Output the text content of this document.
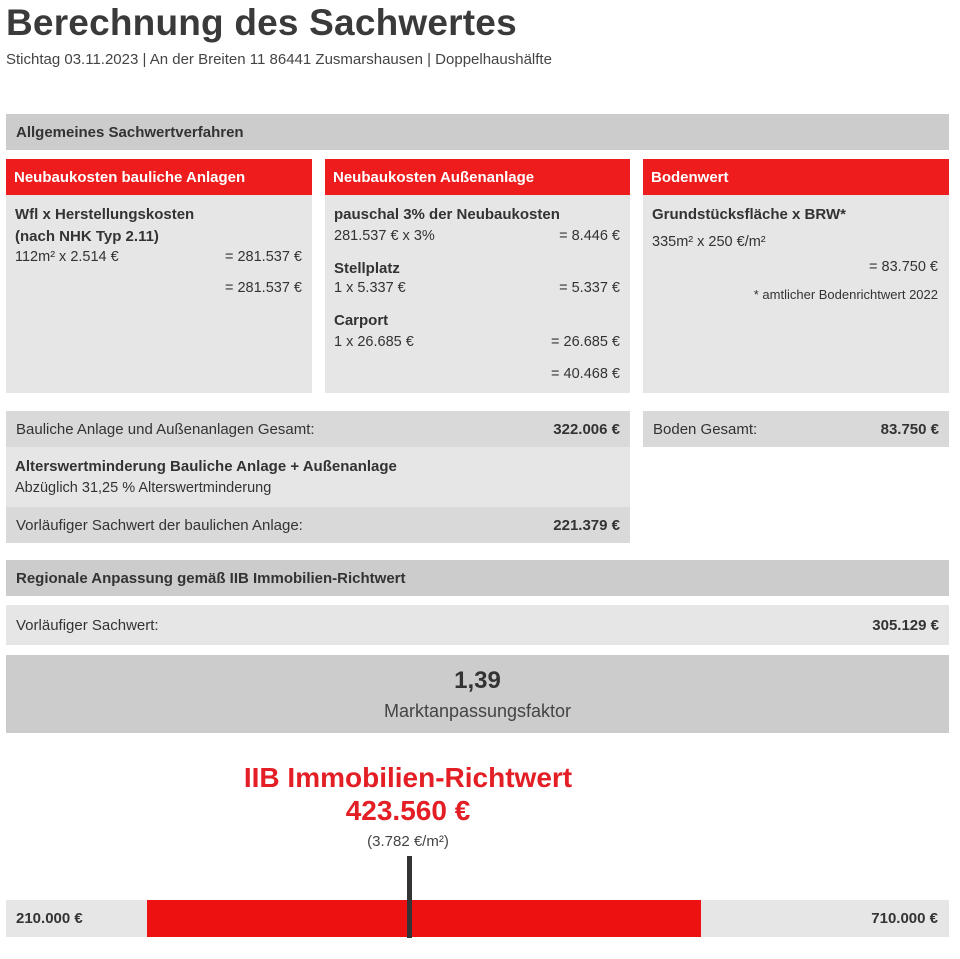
Berechnung des Sachwertes
Stichtag 03.11.2023 | An der Breiten 11 86441 Zusmarshausen | Doppelhaushälfte
Allgemeines Sachwertverfahren
Neubaukosten bauliche Anlagen
Wfl x Herstellungskosten
(nach NHK Typ 2.11)
112m² x 2.514 €	= 281.537 €
= 281.537 €
Neubaukosten Außenanlage
pauschal 3% der Neubaukosten
281.537 € x 3%	= 8.446 €
Stellplatz
1 x 5.337 €	= 5.337 €
Carport
1 x 26.685 €	= 26.685 €
= 40.468 €
Bodenwert
Grundstücksfläche x BRW*
335m² x 250 €/m²
= 83.750 €
* amtlicher Bodenrichtwert 2022
Bauliche Anlage und Außenanlagen Gesamt:	322.006 € Boden Gesamt:	83.750 €
Alterswertminderung Bauliche Anlage + Außenanlage
Abzüglich 31,25 % Alterswertminderung
Vorläufiger Sachwert der baulichen Anlage:	221.379 €
Regionale Anpassung gemäß IIB Immobilien-Richtwert
Vorläufiger Sachwert:	305.129 €
1,39
Marktanpassungsfaktor
IIB Immobilien-Richtwert
423.560 €
(3.782 €/m²)
210.000 €	710.000 €
